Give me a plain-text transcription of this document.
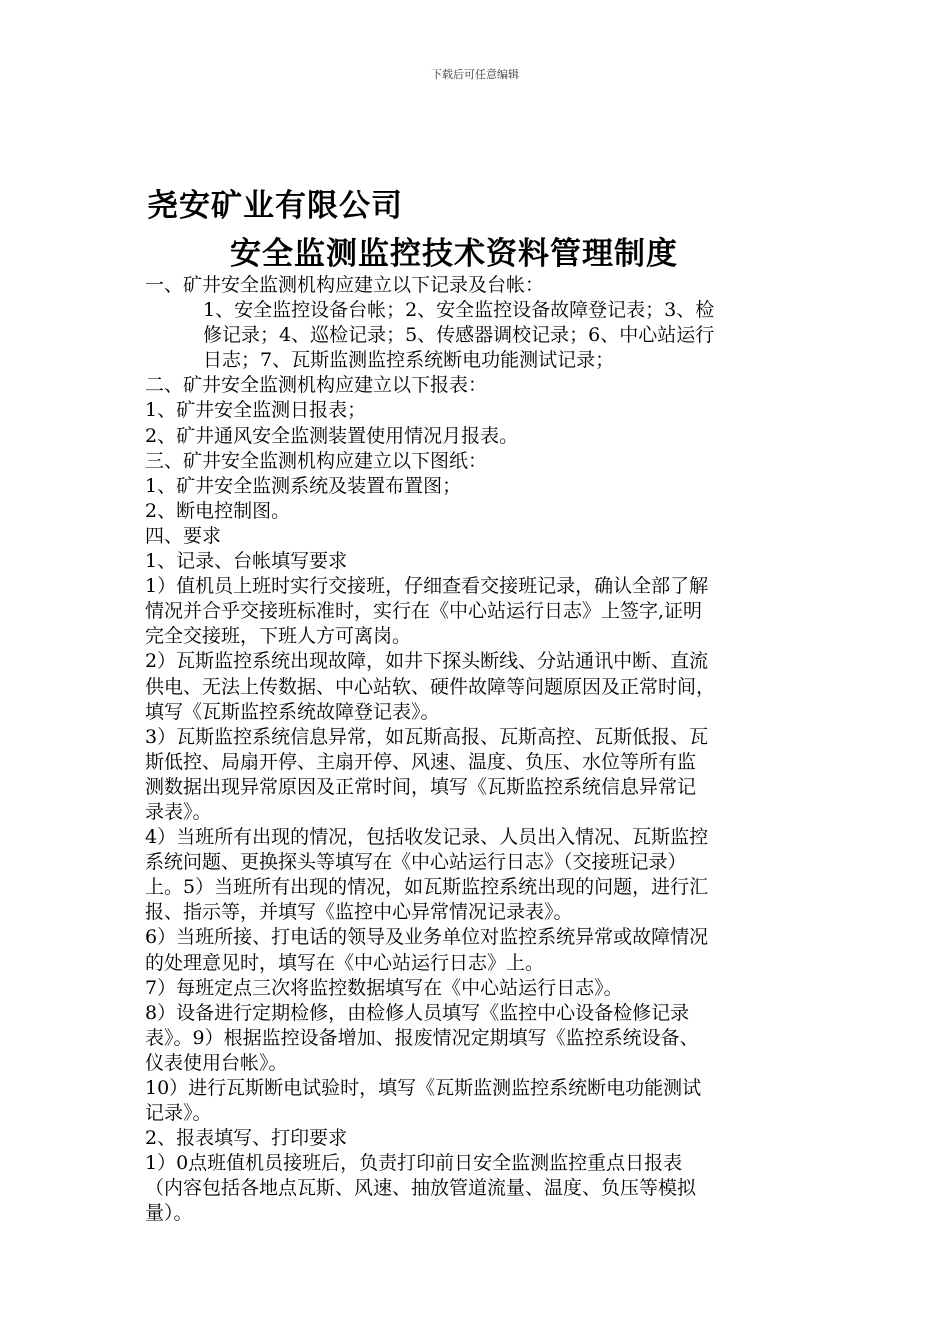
下载后可任意编辑
尧安矿业有限公司
安全监测监控技术资料管理制度
一、矿井安全监测机构应建立以下记录及台帐：
1、安全监控设备台帐；2、安全监控设备故障登记表；3、检
修记录；4、巡检记录；5、传感器调校记录；6、中心站运行
日志；7、瓦斯监测监控系统断电功能测试记录；
二、矿井安全监测机构应建立以下报表：
1、矿井安全监测日报表；
2、矿井通风安全监测装置使用情况月报表。
三、矿井安全监测机构应建立以下图纸：
1、矿井安全监测系统及装置布置图；
2、断电控制图。
四、要求
1、记录、台帐填写要求
1）值机员上班时实行交接班，仔细查看交接班记录，确认全部了解
情况并合乎交接班标准时，实行在《中心站运行日志》上签字,证明
完全交接班，下班人方可离岗。
2）瓦斯监控系统出现故障，如井下探头断线、分站通讯中断、直流
供电、无法上传数据、中心站软、硬件故障等问题原因及正常时间，
填写《瓦斯监控系统故障登记表》。
3）瓦斯监控系统信息异常，如瓦斯高报、瓦斯高控、瓦斯低报、瓦
斯低控、局扇开停、主扇开停、风速、温度、负压、水位等所有监
测数据出现异常原因及正常时间，填写《瓦斯监控系统信息异常记
录表》。
4）当班所有出现的情况，包括收发记录、人员出入情况、瓦斯监控
系统问题、更换探头等填写在《中心站运行日志》（交接班记录）
上。5）当班所有出现的情况，如瓦斯监控系统出现的问题，进行汇
报、指示等，并填写《监控中心异常情况记录表》。
6）当班所接、打电话的领导及业务单位对监控系统异常或故障情况
的处理意见时，填写在《中心站运行日志》上。
7）每班定点三次将监控数据填写在《中心站运行日志》。
8）设备进行定期检修，由检修人员填写《监控中心设备检修记录
表》。9）根据监控设备增加、报废情况定期填写《监控系统设备、
仪表使用台帐》。
10）进行瓦斯断电试验时，填写《瓦斯监测监控系统断电功能测试
记录》。
2、报表填写、打印要求
1）0点班值机员接班后，负责打印前日安全监测监控重点日报表
（内容包括各地点瓦斯、风速、抽放管道流量、温度、负压等模拟
量）。
